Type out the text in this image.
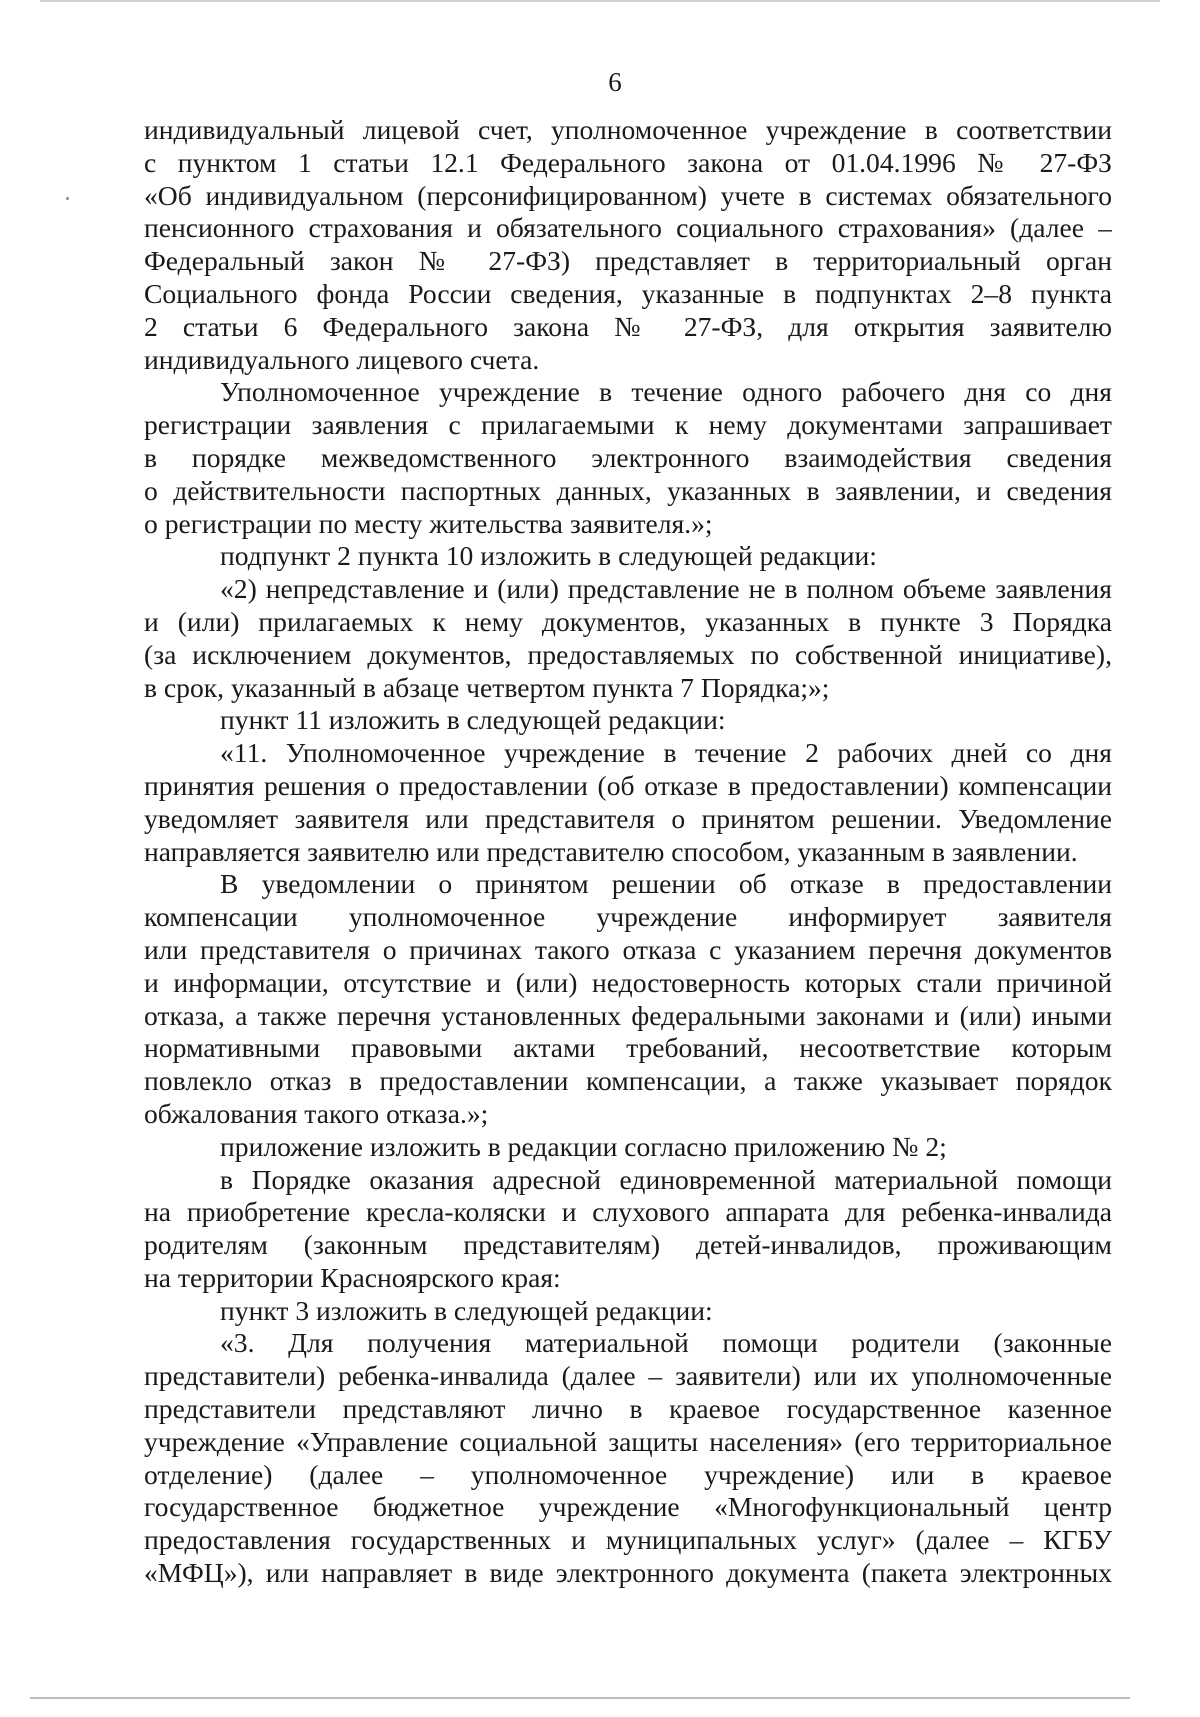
6
индивидуальный лицевой счет, уполномоченное учреждение в соответствии
с пунктом 1 статьи 12.1 Федерального закона от 01.04.1996 № 27-ФЗ
«Об индивидуальном (персонифицированном) учете в системах обязательного
пенсионного страхования и обязательного социального страхования» (далее –
Федеральный закон № 27-ФЗ) представляет в территориальный орган
Социального фонда России сведения, указанные в подпунктах 2–8 пункта
2 статьи 6 Федерального закона № 27-ФЗ, для открытия заявителю
индивидуального лицевого счета.
Уполномоченное учреждение в течение одного рабочего дня со дня
регистрации заявления с прилагаемыми к нему документами запрашивает
в порядке межведомственного электронного взаимодействия сведения
о действительности паспортных данных, указанных в заявлении, и сведения
о регистрации по месту жительства заявителя.»;
подпункт 2 пункта 10 изложить в следующей редакции:
«2) непредставление и (или) представление не в полном объеме заявления
и (или) прилагаемых к нему документов, указанных в пункте 3 Порядка
(за исключением документов, предоставляемых по собственной инициативе),
в срок, указанный в абзаце четвертом пункта 7 Порядка;»;
пункт 11 изложить в следующей редакции:
«11. Уполномоченное учреждение в течение 2 рабочих дней со дня
принятия решения о предоставлении (об отказе в предоставлении) компенсации
уведомляет заявителя или представителя о принятом решении. Уведомление
направляется заявителю или представителю способом, указанным в заявлении.
В уведомлении о принятом решении об отказе в предоставлении
компенсации уполномоченное учреждение информирует заявителя
или представителя о причинах такого отказа с указанием перечня документов
и информации, отсутствие и (или) недостоверность которых стали причиной
отказа, а также перечня установленных федеральными законами и (или) иными
нормативными правовыми актами требований, несоответствие которым
повлекло отказ в предоставлении компенсации, а также указывает порядок
обжалования такого отказа.»;
приложение изложить в редакции согласно приложению № 2;
в Порядке оказания адресной единовременной материальной помощи
на приобретение кресла-коляски и слухового аппарата для ребенка-инвалида
родителям (законным представителям) детей-инвалидов, проживающим
на территории Красноярского края:
пункт 3 изложить в следующей редакции:
«3. Для получения материальной помощи родители (законные
представители) ребенка-инвалида (далее – заявители) или их уполномоченные
представители представляют лично в краевое государственное казенное
учреждение «Управление социальной защиты населения» (его территориальное
отделение) (далее – уполномоченное учреждение) или в краевое
государственное бюджетное учреждение «Многофункциональный центр
предоставления государственных и муниципальных услуг» (далее – КГБУ
«МФЦ»), или направляет в виде электронного документа (пакета электронных
